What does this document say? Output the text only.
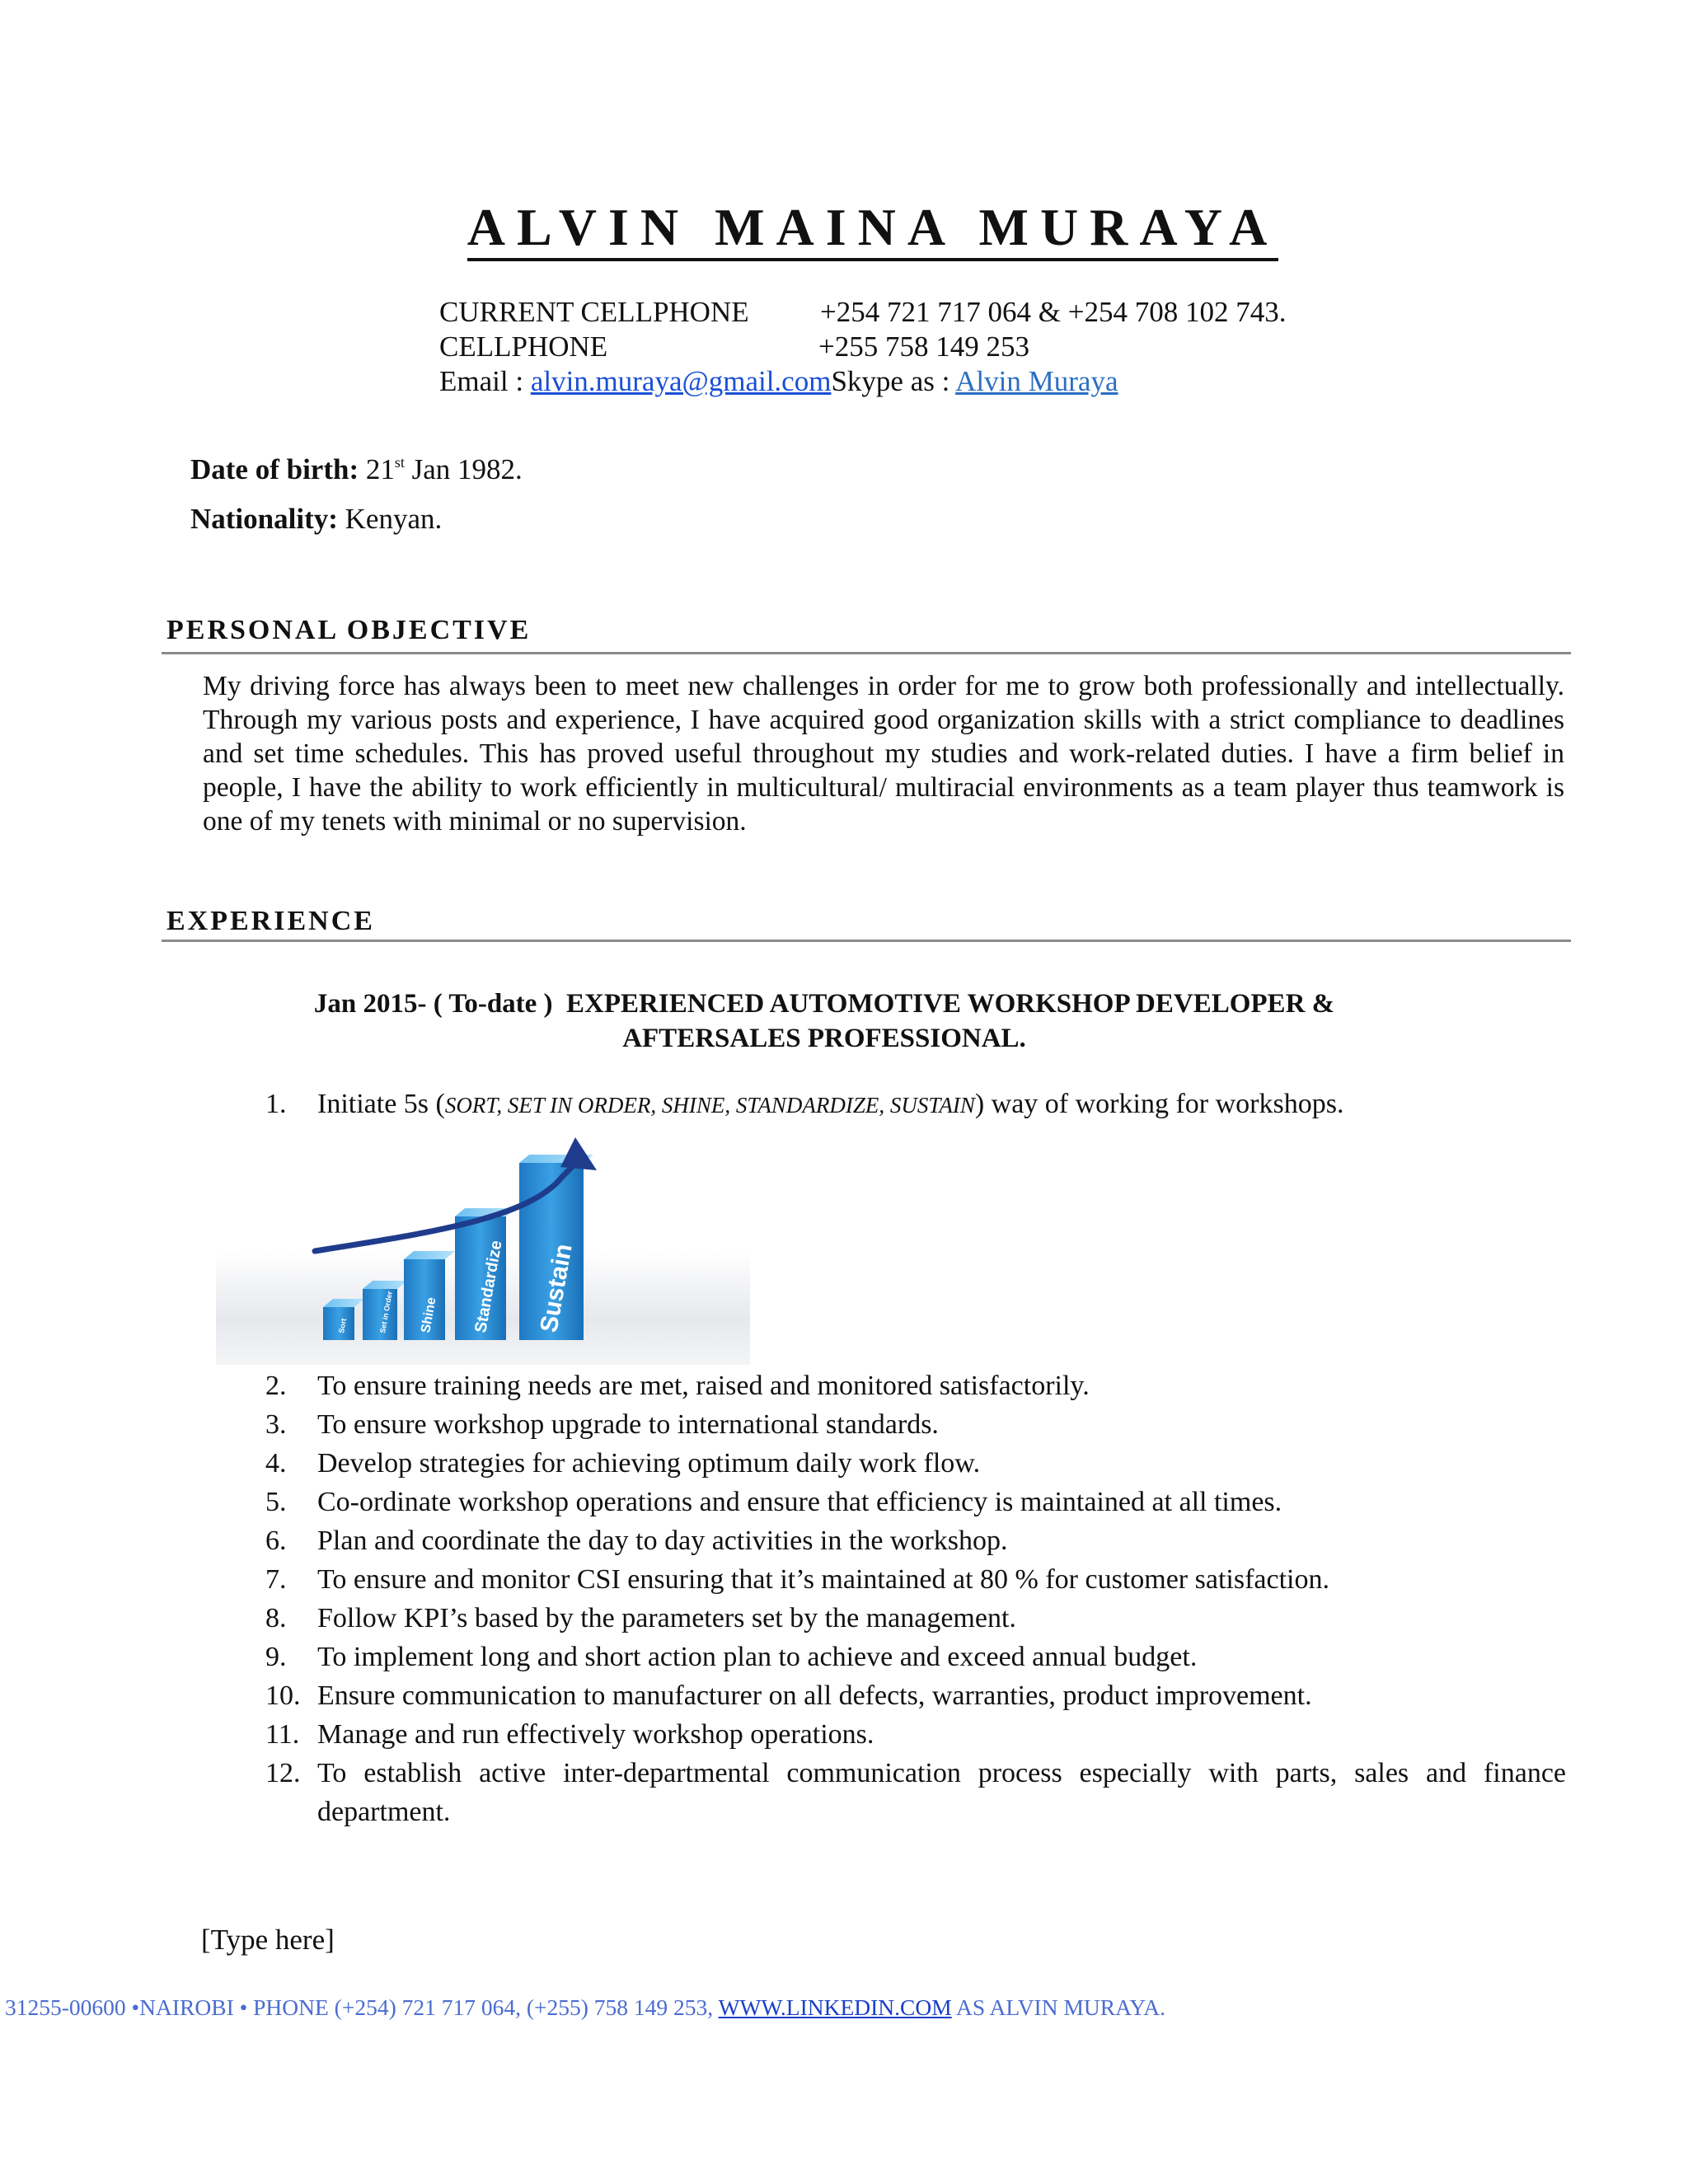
ALVIN MAINA MURAYA
CURRENT CELLPHONE +254 721 717 064 & +254 708 102 743.
CELLPHONE	+255 758 149 253
Email : alvin.muraya@gmail.comSkype as : Alvin Muraya
Date of birth: 21st Jan 1982.
Nationality: Kenyan.
PERSONAL OBJECTIVE
My driving force has always been to meet new challenges in order for me to grow both professionally and intellectually. Through my various posts and experience, I have acquired good organization skills with a strict compliance to deadlines and set time schedules. This has proved useful throughout my studies and work-related duties. I have a firm belief in people, I have the ability to work efficiently in multicultural/ multiracial environments as a team player thus teamwork is one of my tenets with minimal or no supervision.
EXPERIENCE
Jan 2015- ( To-date ) EXPERIENCED AUTOMOTIVE WORKSHOP DEVELOPER &
AFTERSALES PROFESSIONAL.
1.	Initiate 5s (SORT, SET IN ORDER, SHINE, STANDARDIZE, SUSTAIN) way of working for workshops.
Sort	Set in Order Shine Standardize Sustain
2.	To ensure training needs are met, raised and monitored satisfactorily.
3.	To ensure workshop upgrade to international standards.
4.	Develop strategies for achieving optimum daily work flow.
5.	Co-ordinate workshop operations and ensure that efficiency is maintained at all times.
6.	Plan and coordinate the day to day activities in the workshop.
7.	To ensure and monitor CSI ensuring that it’s maintained at 80 % for customer satisfaction.
8.	Follow KPI’s based by the parameters set by the management.
9.	To implement long and short action plan to achieve and exceed annual budget.
10. Ensure communication to manufacturer on all defects, warranties, product improvement.
11. Manage and run effectively workshop operations.
12. To establish active inter-departmental communication process especially with parts, sales and finance department.
[Type here]
31255-00600 •NAIROBI • PHONE (+254) 721 717 064, (+255) 758 149 253, WWW.LINKEDIN.COM AS ALVIN MURAYA.
